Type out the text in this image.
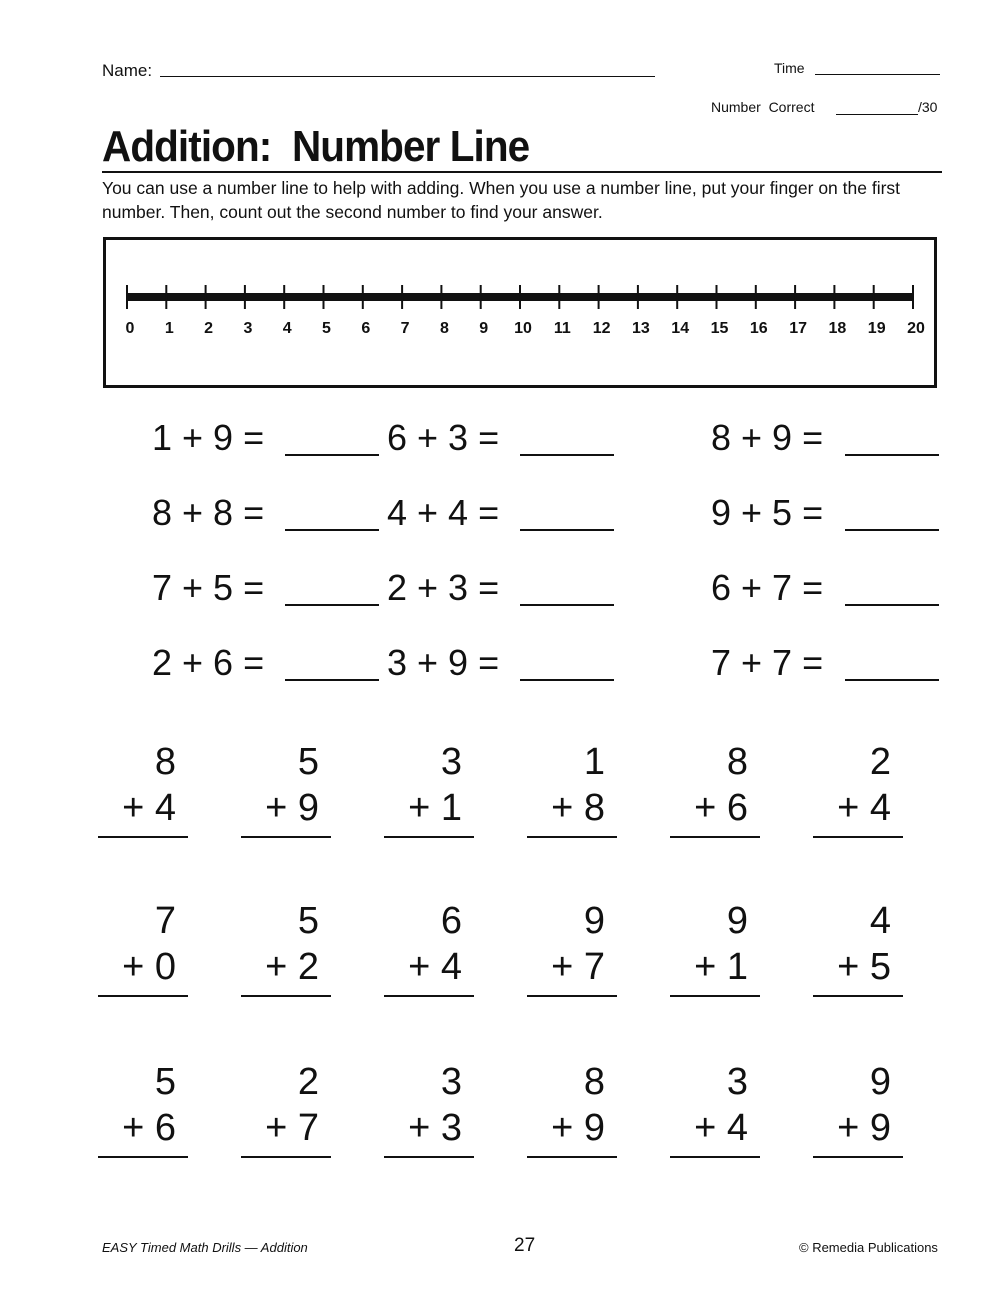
Name:	Time
Number  Correct	/30
Addition:  Number Line
You can use a number line to help with adding. When you use a number line, put your finger on the first number. Then, count out the second number to find your answer.
0 1 2 3 4 5 6 7 8 9 10 11 12 13 14 15 16 17 18 19 20
1 + 9 =	6 + 3 =	8 + 9 =
8 + 8 =	4 + 4 =	9 + 5 =
7 + 5 =	2 + 3 =	6 + 7 =
2 + 6 =	3 + 9 =	7 + 7 =
8
+ 4
5
+ 9
3
+ 1
1
+ 8
8
+ 6
2
+ 4
7
+ 0
5
+ 2
6
+ 4
9
+ 7
9
+ 1
4
+ 5
5
+ 6
2
+ 7
3
+ 3
8
+ 9
3
+ 4
9
+ 9
EASY Timed Math Drills — Addition	27	© Remedia Publications
